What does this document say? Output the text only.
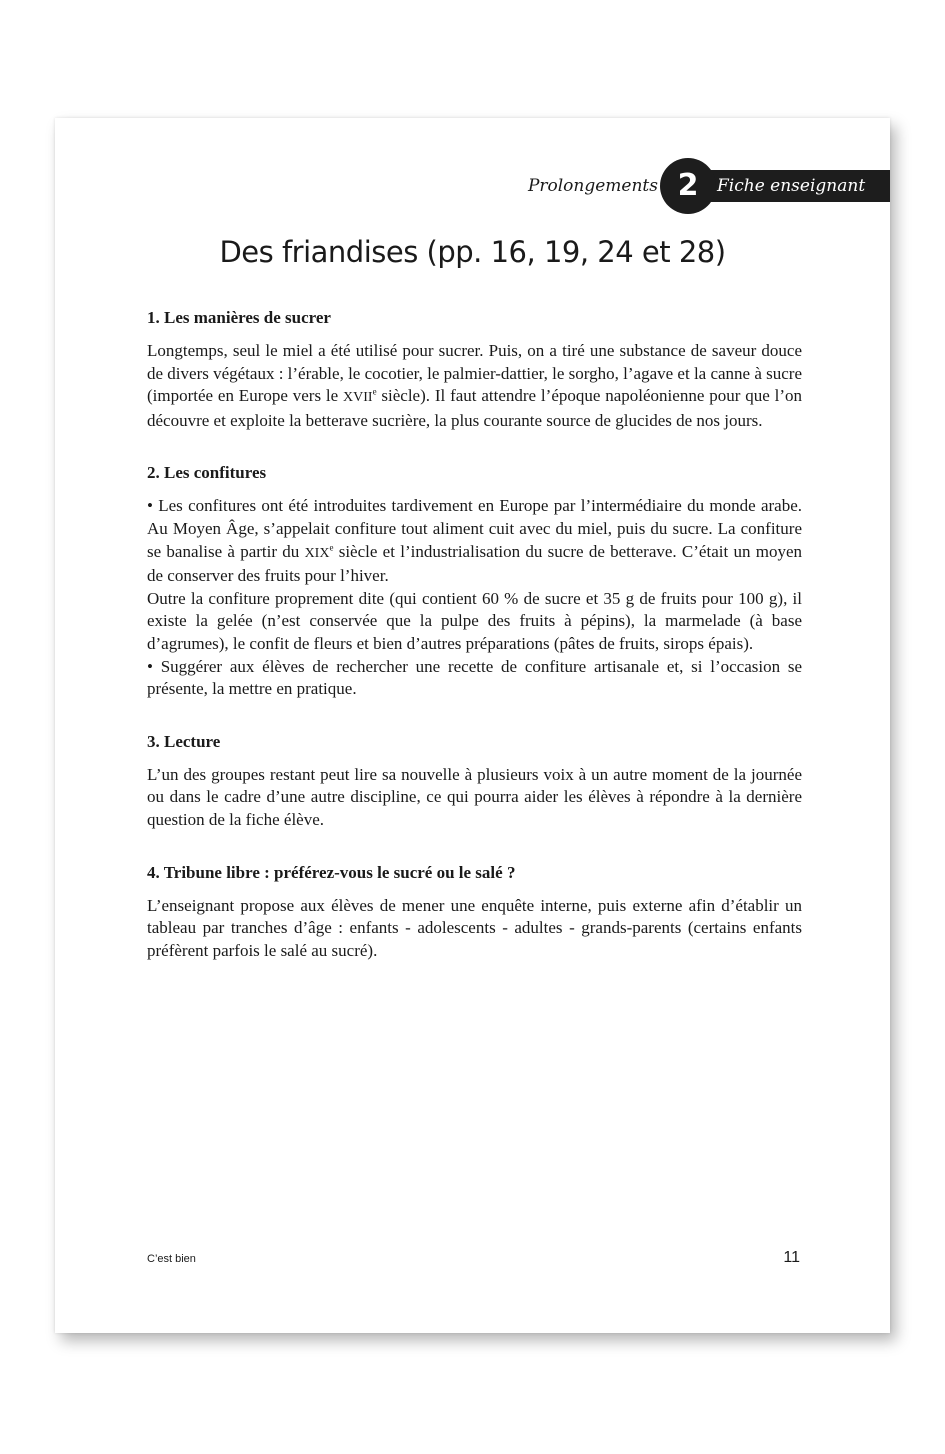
Prolongements 2	Fiche enseignant
Des friandises (pp. 16, 19, 24 et 28)
1. Les manières de sucrer

Longtemps, seul le miel a été utilisé pour sucrer. Puis, on a tiré une substance de saveur douce de divers végétaux : l’érable, le cocotier, le palmier-dattier, le sorgho, l’agave et la canne à sucre (importée en Europe vers le XVIIe siècle). Il faut attendre l’époque napoléonienne pour que l’on découvre et exploite la betterave sucrière, la plus courante source de glucides de nos jours.

2. Les confitures

• Les confitures ont été introduites tardivement en Europe par l’intermédiaire du monde arabe. Au Moyen Âge, s’appelait confiture tout aliment cuit avec du miel, puis du sucre. La confiture se banalise à partir du XIXe siècle et l’industrialisation du sucre de betterave. C’était un moyen de conserver des fruits pour l’hiver.

Outre la confiture proprement dite (qui contient 60 % de sucre et 35 g de fruits pour 100 g), il existe la gelée (n’est conservée que la pulpe des fruits à pépins), la marmelade (à base d’agrumes), le confit de fleurs et bien d’autres préparations (pâtes de fruits, sirops épais).

• Suggérer aux élèves de rechercher une recette de confiture artisanale et, si l’occasion se présente, la mettre en pratique.

3. Lecture

L’un des groupes restant peut lire sa nouvelle à plusieurs voix à un autre moment de la journée ou dans le cadre d’une autre discipline, ce qui pourra aider les élèves à répondre à la dernière question de la fiche élève.

4. Tribune libre : préférez-vous le sucré ou le salé ?

L’enseignant propose aux élèves de mener une enquête interne, puis externe afin d’établir un tableau par tranches d’âge : enfants - adolescents - adultes - grands-parents (certains enfants préfèrent parfois le salé au sucré).

C’est bien	11
